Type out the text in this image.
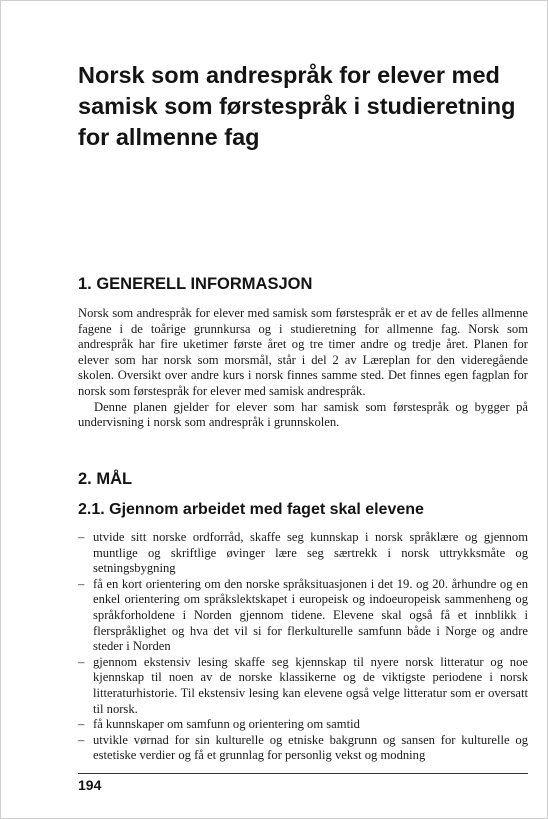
Norsk som andrespråk for elever med samisk som førstespråk i studieretning for allmenne fag
1. GENERELL INFORMASJON

Norsk som andrespråk for elever med samisk som førstespråk er et av de felles allmenne fagene i de toårige grunnkursa og i studieretning for allmenne fag. Norsk som andrespråk har fire uketimer første året og tre timer andre og tredje året. Planen for elever som har norsk som morsmål, står i del 2 av Læreplan for den videregående skolen. Oversikt over andre kurs i norsk finnes samme sted. Det finnes egen fagplan for norsk som førstespråk for elever med samisk andrespråk.

Denne planen gjelder for elever som har samisk som førstespråk og bygger på undervisning i norsk som andrespråk i grunnskolen.

2. MÅL
2.1. Gjennom arbeidet med faget skal elevene
– utvide sitt norske ordforråd, skaffe seg kunnskap i norsk språklære og gjennom muntlige og skriftlige øvinger lære seg særtrekk i norsk uttrykksmåte og setningsbygning
– få en kort orientering om den norske språksituasjonen i det 19. og 20. århundre og en enkel orientering om språkslektskapet i europeisk og indoeuropeisk sammenheng og språkforholdene i Norden gjennom tidene. Elevene skal også få et innblikk i flerspråklighet og hva det vil si for flerkulturelle samfunn både i Norge og andre steder i Norden
– gjennom ekstensiv lesing skaffe seg kjennskap til nyere norsk litteratur og noe kjennskap til noen av de norske klassikerne og de viktigste periodene i norsk litteraturhistorie. Til ekstensiv lesing kan elevene også velge litteratur som er oversatt til norsk.
– få kunnskaper om samfunn og orientering om samtid
– utvikle vørnad for sin kulturelle og etniske bakgrunn og sansen for kulturelle og estetiske verdier og få et grunnlag for personlig vekst og modning
194
